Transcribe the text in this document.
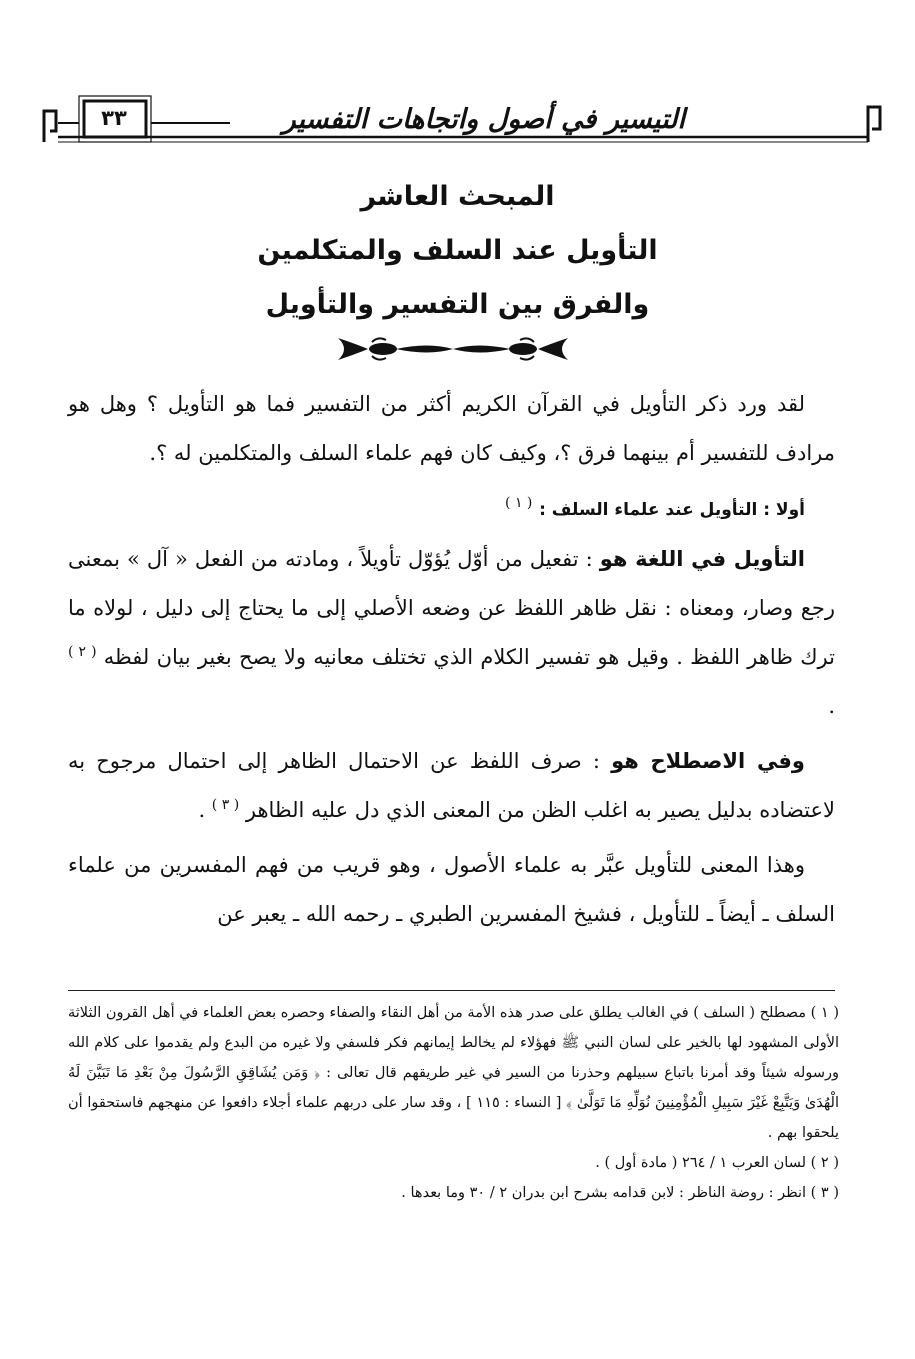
التيسير في أصول واتجاهات التفسير
٣٣
المبحث العاشر
التأويل عند السلف والمتكلمين
والفرق بين التفسير والتأويل

لقد ورد ذكر التأويل في القرآن الكريم أكثر من التفسير فما هو التأويل ؟ وهل هو مرادف للتفسير أم بينهما فرق ؟، وكيف كان فهم علماء السلف والمتكلمين له ؟.

أولا : التأويل عند علماء السلف : $^{( ١ )}$

التأويل في اللغة هو : تفعيل من أوّل يُؤوّل تأويلاً ، ومادته من الفعل « آل » بمعنى رجع وصار، ومعناه : نقل ظاهر اللفظ عن وضعه الأصلي إلى ما يحتاج إلى دليل ، لولاه ما ترك ظاهر اللفظ . وقيل هو تفسير الكلام الذي تختلف معانيه ولا يصح بغير بيان لفظه $^{( ٢ )}$ .

وفي الاصطلاح هو : صرف اللفظ عن الاحتمال الظاهر إلى احتمال مرجوح به لاعتضاده بدليل يصير به اغلب الظن من المعنى الذي دل عليه الظاهر $^{( ٣ )}$ .

وهذا المعنى للتأويل عبَّر به علماء الأصول ، وهو قريب من فهم المفسرين من علماء السلف ـ أيضاً ـ للتأويل ، فشيخ المفسرين الطبري ـ رحمه الله ـ يعبر عن

( ١ ) مصطلح ( السلف ) في الغالب يطلق على صدر هذه الأمة من أهل النقاء والصفاء وحصره بعض العلماء في أهل القرون الثلاثة الأولى المشهود لها بالخير على لسان النبي ﷺ فهؤلاء لم يخالط إيمانهم فكر فلسفي ولا غيره من البدع ولم يقدموا على كلام الله ورسوله شيئاً وقد أمرنا باتباع سبيلهم وحذرنا من السير في غير طريقهم قال تعالى : ﴿ وَمَن يُشَاقِقِ الرَّسُولَ مِنْ بَعْدِ مَا تَبَيَّنَ لَهُ الْهُدَىٰ وَيَتَّبِعْ غَيْرَ سَبِيلِ الْمُؤْمِنِينَ نُوَلِّهِ مَا تَوَلَّىٰ ﴾ [ النساء : ١١٥ ] ، وقد سار على دربهم علماء أجلاء دافعوا عن منهجهم فاستحقوا أن يلحقوا بهم .

( ٢ ) لسان العرب ١ / ٢٦٤ ( مادة أول ) .

( ٣ ) انظر : روضة الناظر : لابن قدامه بشرح ابن بدران ٢ / ٣٠ وما بعدها .
